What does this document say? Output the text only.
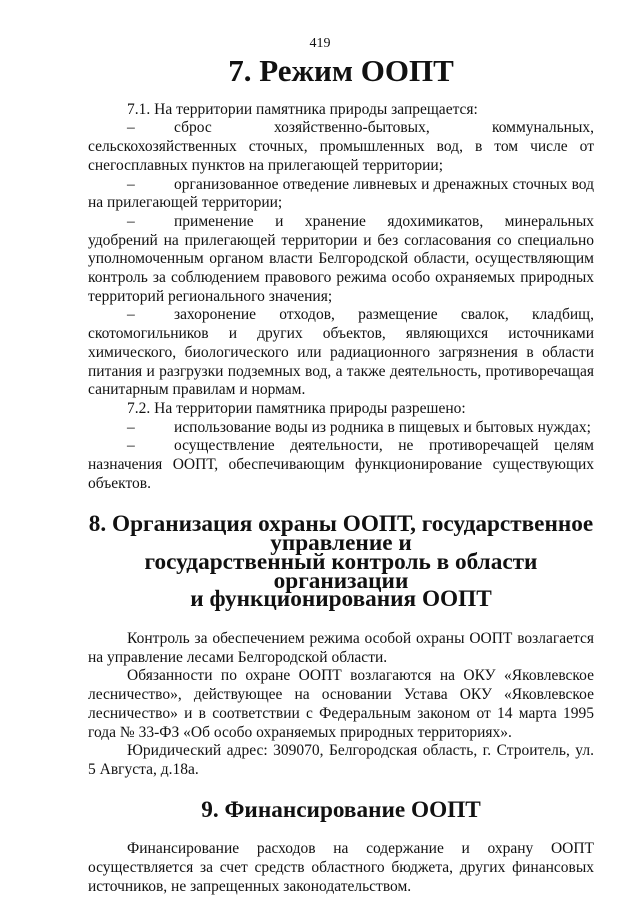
419
7. Режим ООПТ

7.1. На территории памятника природы запрещается:

–	сброс хозяйственно-бытовых, коммунальных, сельскохозяйственных сточных, промышленных вод, в том числе от снегосплавных пунктов на прилегающей территории;

–	организованное отведение ливневых и дренажных сточных вод на прилегающей территории;

–	применение и хранение ядохимикатов, минеральных удобрений на прилегающей территории и без согласования со специально уполномоченным органом власти Белгородской области, осуществляющим контроль за соблюдением правового режима особо охраняемых природных территорий регионального значения;

–	захоронение отходов, размещение свалок, кладбищ, скотомогильников и других объектов, являющихся источниками химического, биологического или радиационного загрязнения в области питания и разгрузки подземных вод, а также деятельность, противоречащая санитарным правилам и нормам.

7.2. На территории памятника природы разрешено:

–	использование воды из родника в пищевых и бытовых нуждах;

–	осуществление деятельности, не противоречащей целям назначения ООПТ, обеспечивающим функционирование существующих объектов.

8. Организация охраны ООПТ, государственное управление и
государственный контроль в области организации
и функционирования ООПТ

Контроль за обеспечением режима особой охраны ООПТ возлагается на управление лесами Белгородской области.

Обязанности по охране ООПТ возлагаются на ОКУ «Яковлевское лесничество», действующее на основании Устава ОКУ «Яковлевское лесничество» и в соответствии с Федеральным законом от 14 марта 1995 года № 33-ФЗ «Об особо охраняемых природных территориях».

Юридический адрес: 309070, Белгородская область, г. Строитель, ул. 5 Августа, д.18а.

9. Финансирование ООПТ

Финансирование расходов на содержание и охрану ООПТ осуществляется за счет средств областного бюджета, других финансовых источников, не запрещенных законодательством.
